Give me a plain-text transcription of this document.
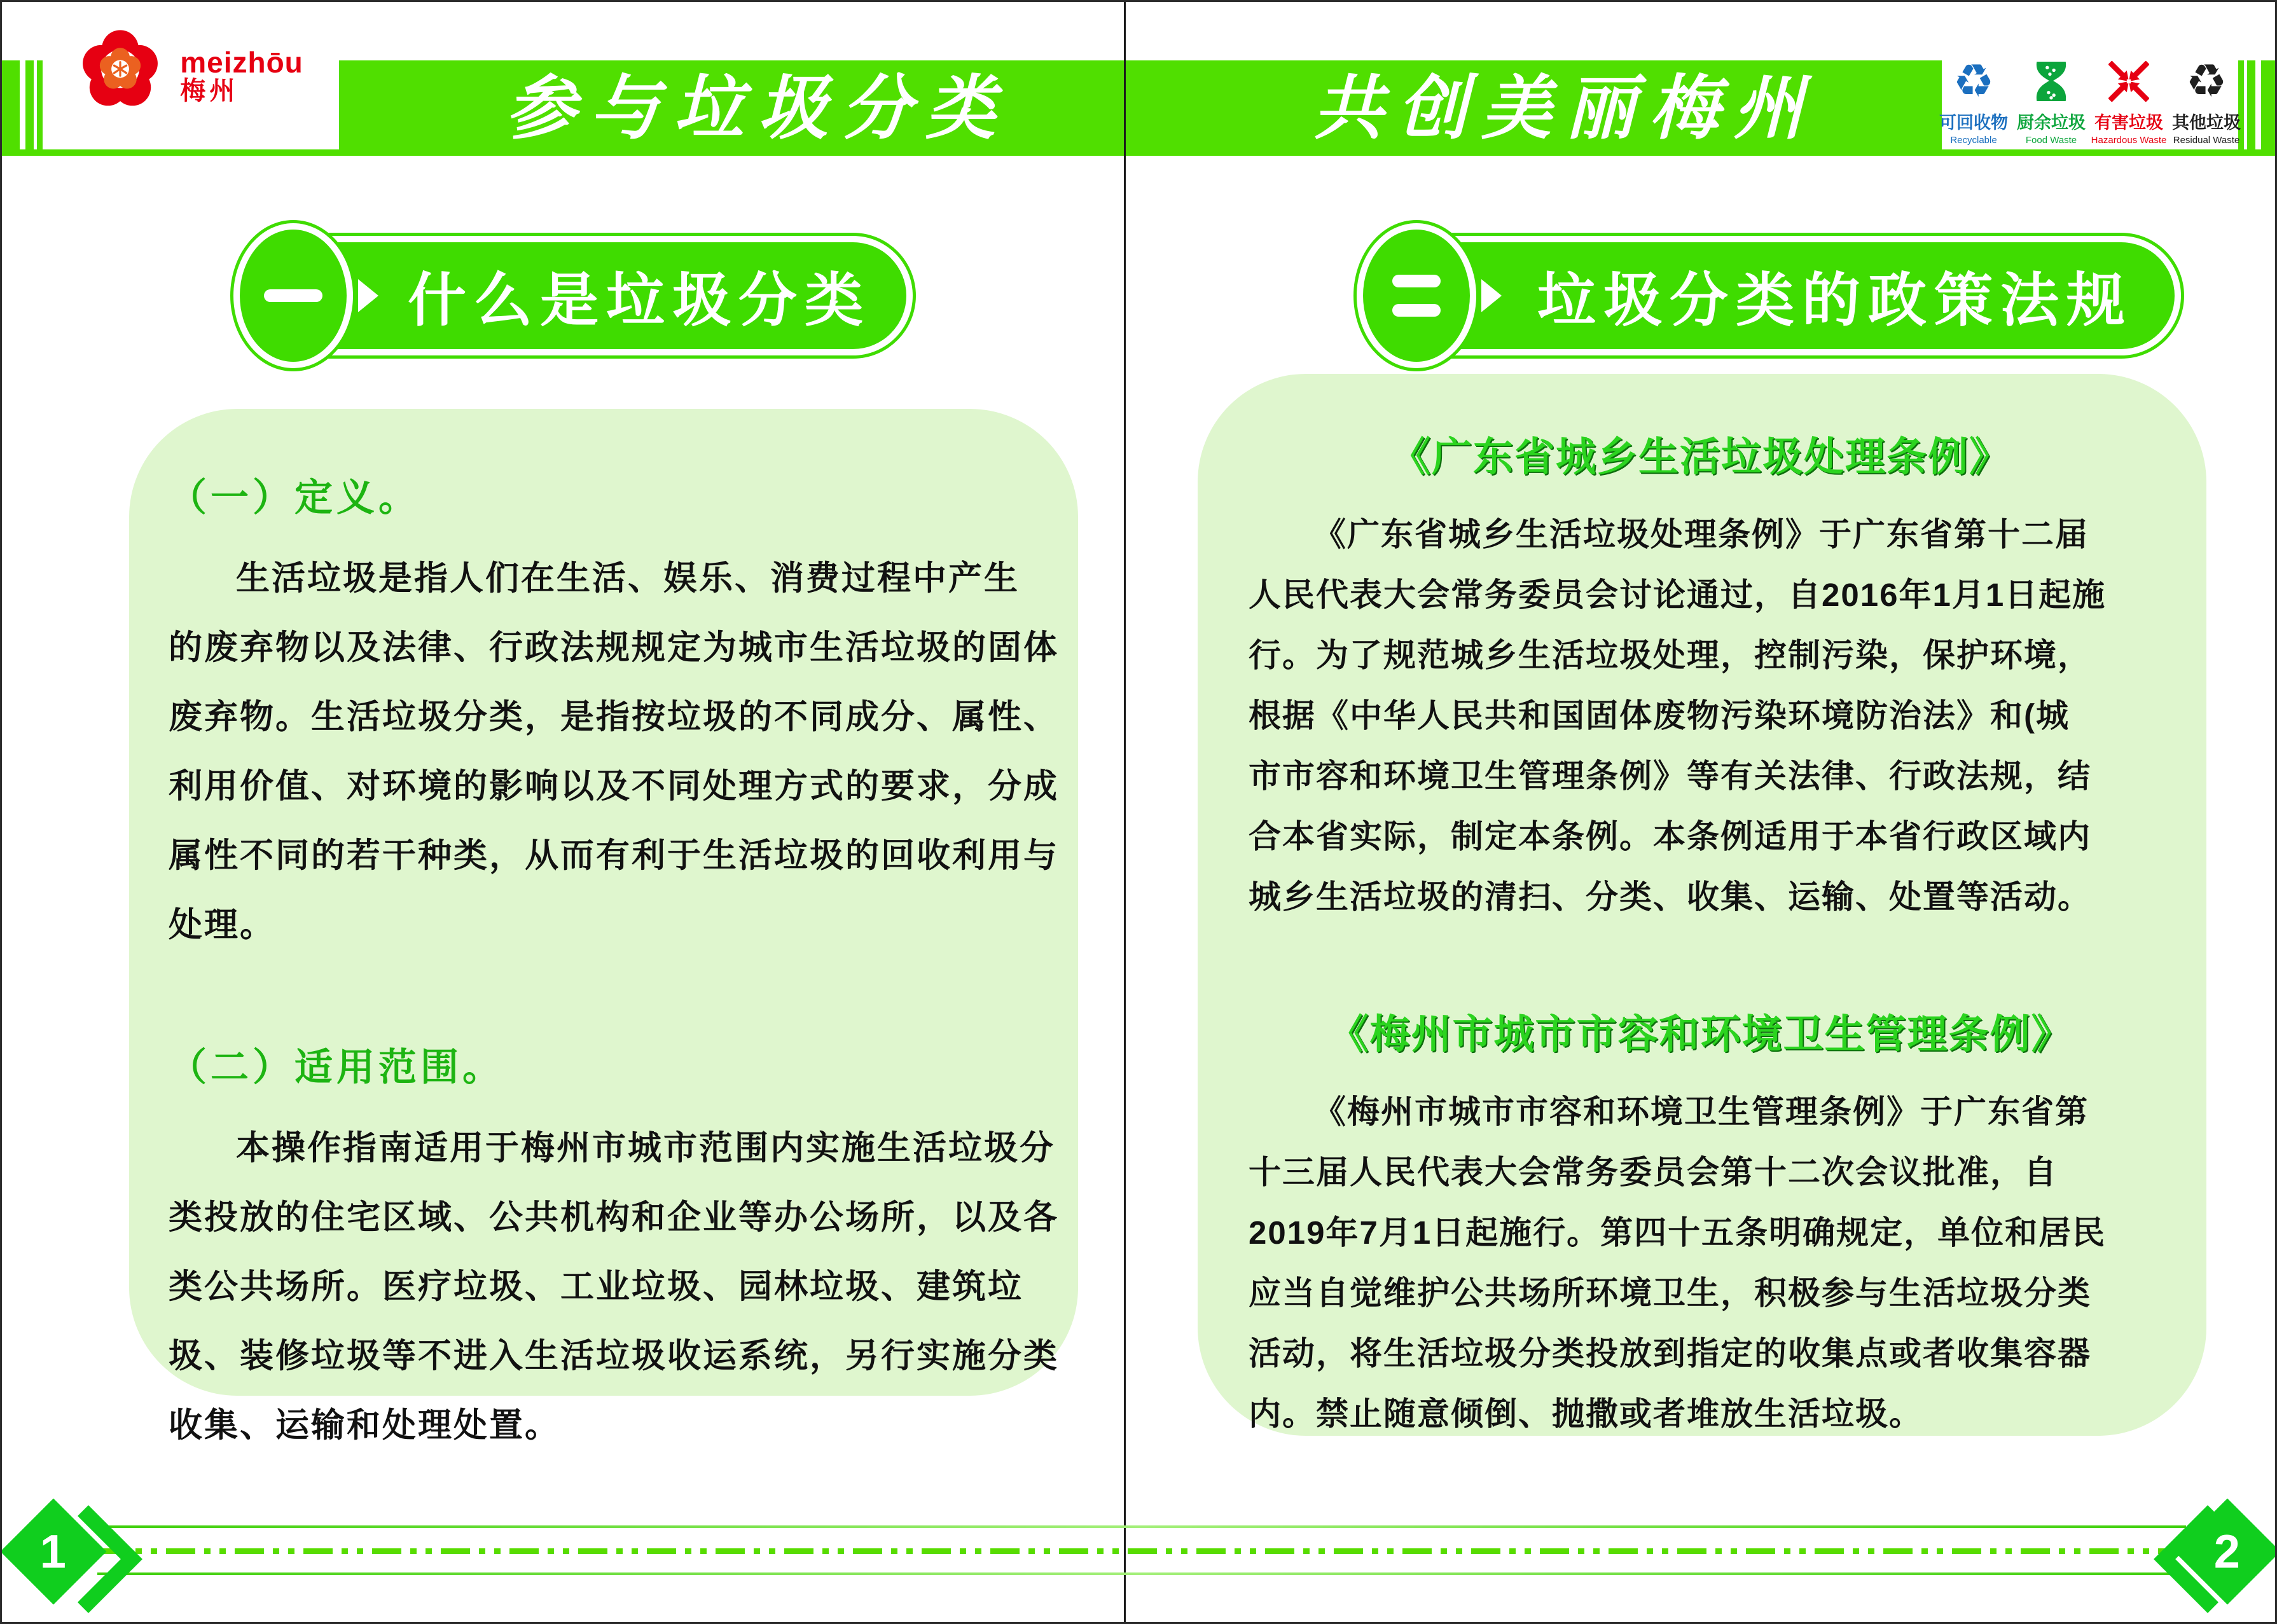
meizhōu
梅州	参与垃圾分类	共创美丽梅州	♻
可回收物
Recyclable
厨余垃圾
Food Waste
有害垃圾
Hazardous Waste
♻
其他垃圾
Residual Waste
什么是垃圾分类	垃圾分类的政策法规
（一）定义。
生活垃圾是指人们在生活、娱乐、消费过程中产生
的废弃物以及法律、行政法规规定为城市生活垃圾的固体
废弃物。生活垃圾分类，是指按垃圾的不同成分、属性、
利用价值、对环境的影响以及不同处理方式的要求，分成
属性不同的若干种类，从而有利于生活垃圾的回收利用与
处理。
（二）适用范围。
本操作指南适用于梅州市城市范围内实施生活垃圾分
类投放的住宅区域、公共机构和企业等办公场所，以及各
类公共场所。医疗垃圾、工业垃圾、园林垃圾、建筑垃
圾、装修垃圾等不进入生活垃圾收运系统，另行实施分类
收集、运输和处理处置。
《广东省城乡生活垃圾处理条例》
《广东省城乡生活垃圾处理条例》于广东省第十二届
人民代表大会常务委员会讨论通过，自2016年1月1日起施
行。为了规范城乡生活垃圾处理，控制污染，保护环境，
根据《中华人民共和国固体废物污染环境防治法》和(城
市市容和环境卫生管理条例》等有关法律、行政法规，结
合本省实际，制定本条例。本条例适用于本省行政区域内
城乡生活垃圾的清扫、分类、收集、运输、处置等活动。
《梅州市城市市容和环境卫生管理条例》
《梅州市城市市容和环境卫生管理条例》于广东省第
十三届人民代表大会常务委员会第十二次会议批准，自
2019年7月1日起施行。第四十五条明确规定，单位和居民
应当自觉维护公共场所环境卫生，积极参与生活垃圾分类
活动，将生活垃圾分类投放到指定的收集点或者收集容器
内。禁止随意倾倒、抛撒或者堆放生活垃圾。
1	2
